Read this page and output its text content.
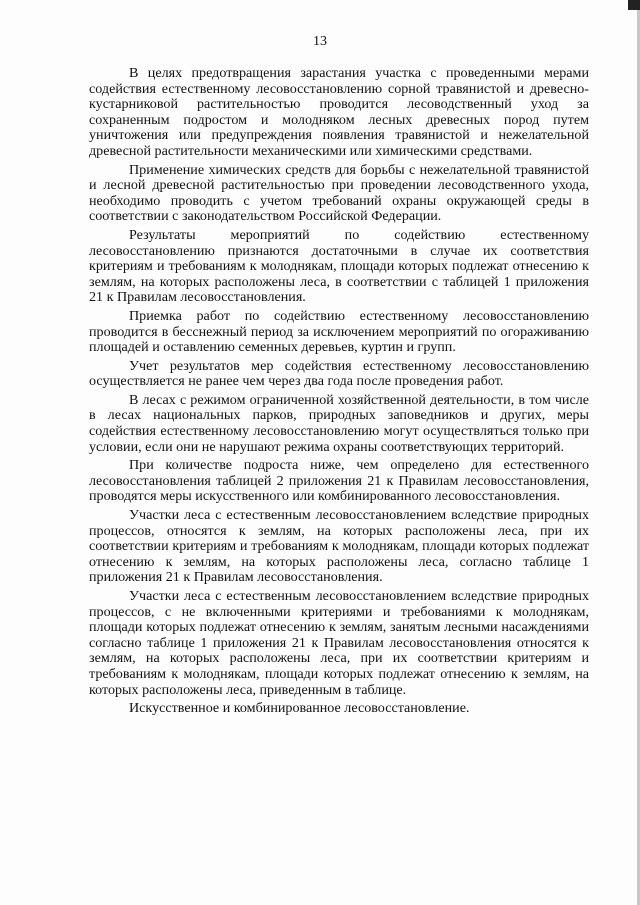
13

В целях предотвращения зарастания участка с проведенными мерами содействия естественному лесовосстановлению сорной травянистой и древесно-кустарниковой растительностью проводится лесоводственный уход за сохраненным подростом и молодняком лесных древесных пород путем уничтожения или предупреждения появления травянистой и нежелательной древесной растительности механическими или химическими средствами.

Применение химических средств для борьбы с нежелательной травянистой и лесной древесной растительностью при проведении лесоводственного ухода, необходимо проводить с учетом требований охраны окружающей среды в соответствии с законодательством Российской Федерации.

Результаты мероприятий по содействию естественному лесовосстановлению признаются достаточными в случае их соответствия критериям и требованиям к молоднякам, площади которых подлежат отнесению к землям, на которых расположены леса, в соответствии с таблицей 1 приложения 21 к Правилам лесовосстановления.

Приемка работ по содействию естественному лесовосстановлению проводится в бесснежный период за исключением мероприятий по огораживанию площадей и оставлению семенных деревьев, куртин и групп.

Учет результатов мер содействия естественному лесовосстановлению осуществляется не ранее чем через два года после проведения работ.

В лесах с режимом ограниченной хозяйственной деятельности, в том числе в лесах национальных парков, природных заповедников и других, меры содействия естественному лесовосстановлению могут осуществляться только при условии, если они не нарушают режима охраны соответствующих территорий.

При количестве подроста ниже, чем определено для естественного лесовосстановления таблицей 2 приложения 21 к Правилам лесовосстановления, проводятся меры искусственного или комбинированного лесовосстановления.

Участки леса с естественным лесовосстановлением вследствие природных процессов, относятся к землям, на которых расположены леса, при их соответствии критериям и требованиям к молоднякам, площади которых подлежат отнесению к землям, на которых расположены леса, согласно таблице 1 приложения 21 к Правилам лесовосстановления.

Участки леса с естественным лесовосстановлением вследствие природных процессов, с не включенными критериями и требованиями к молоднякам, площади которых подлежат отнесению к землям, занятым лесными насаждениями согласно таблице 1 приложения 21 к Правилам лесовосстановления относятся к землям, на которых расположены леса, при их соответствии критериям и требованиям к молоднякам, площади которых подлежат отнесению к землям, на которых расположены леса, приведенным в таблице.

Искусственное и комбинированное лесовосстановление.
